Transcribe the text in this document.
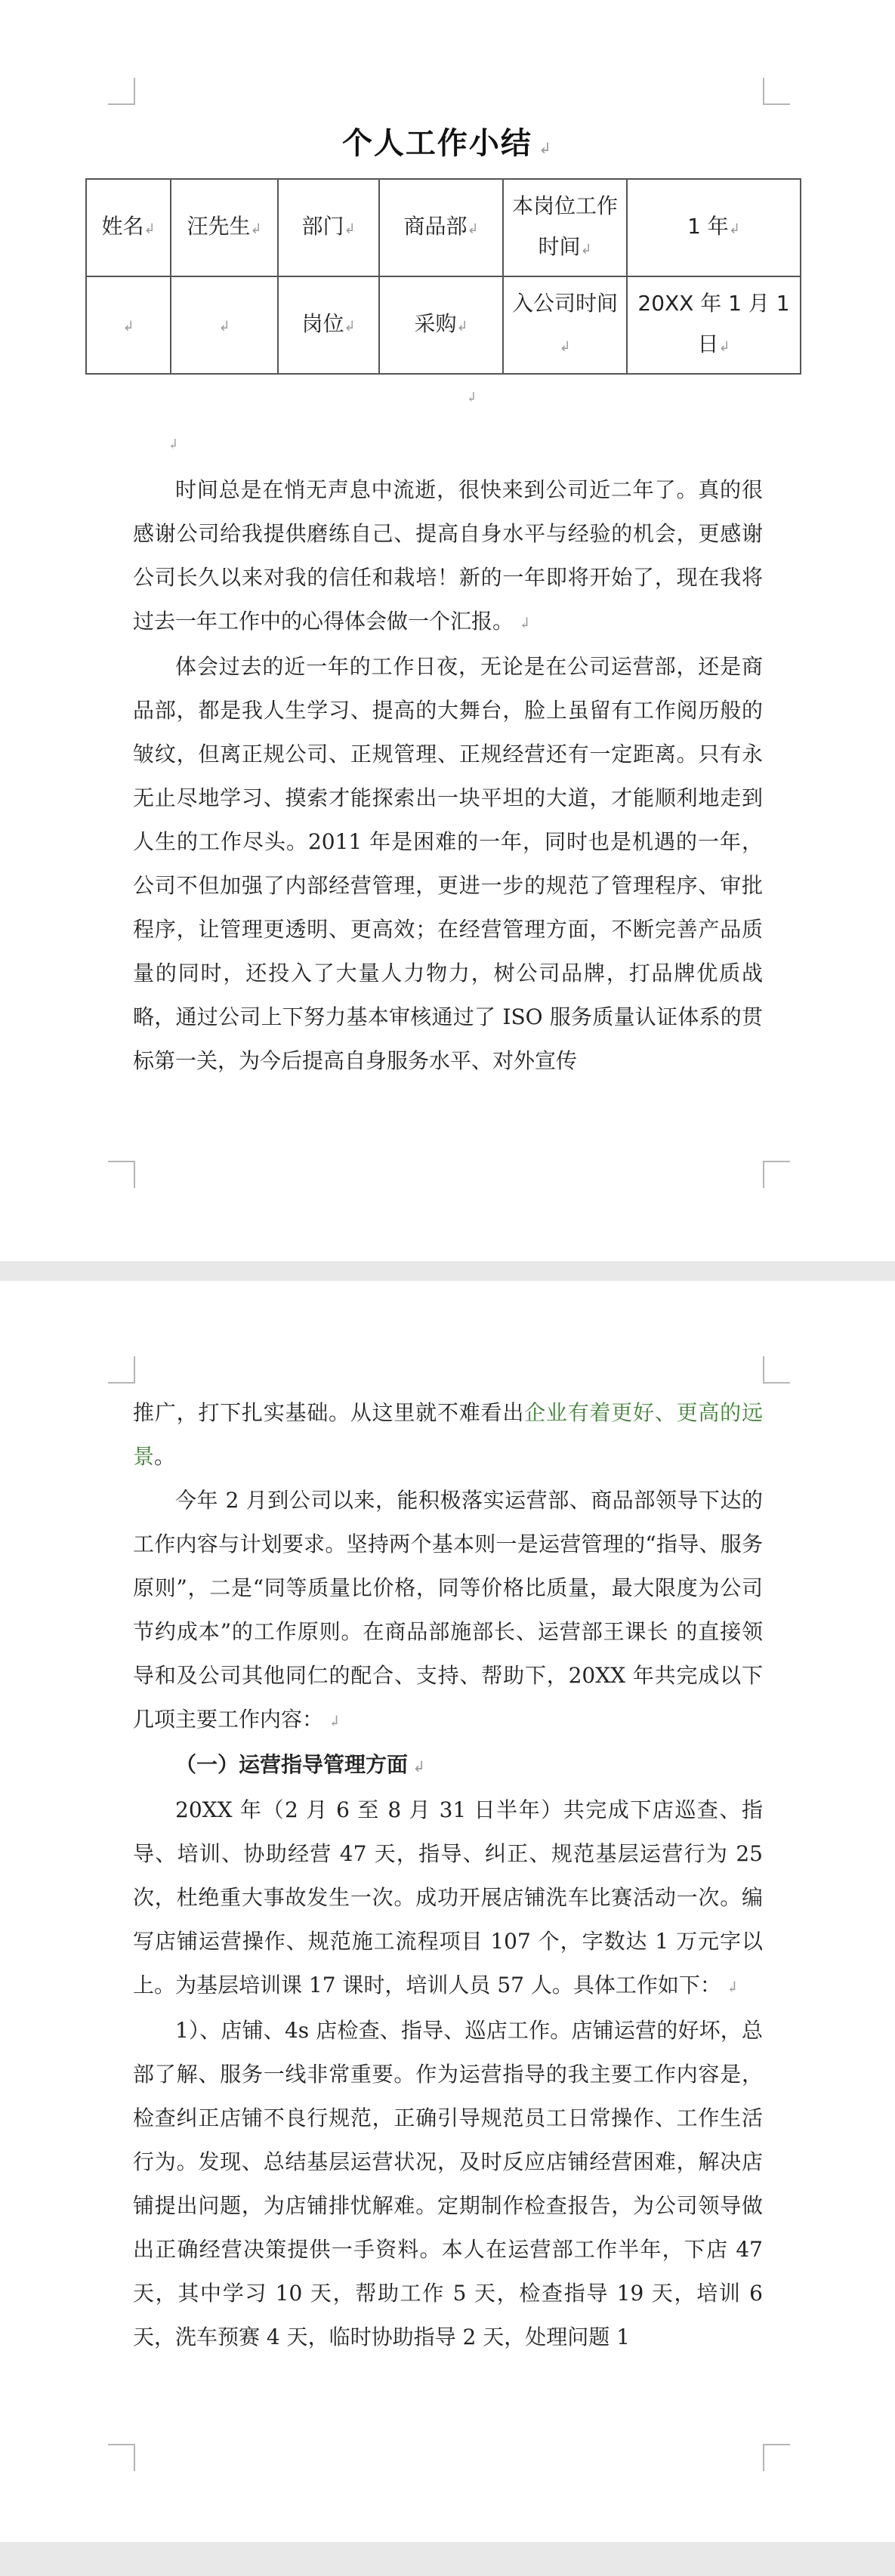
个人工作小结 ↲
姓名↲	汪先生↲	部门↲	商品部↲	本岗位工作时间↲	1 年↲
↲	↲	岗位↲	采购↲	入公司时间↲	20XX 年 1 月 1 日↲
↲
↲

时间总是在悄无声息中流逝，很快来到公司近二年了。真的很感谢公司给我提供磨练自己、提高自身水平与经验的机会，更感谢公司长久以来对我的信任和栽培！新的一年即将开始了，现在我将过去一年工作中的心得体会做一个汇报。 ↲

体会过去的近一年的工作日夜，无论是在公司运营部，还是商品部，都是我人生学习、提高的大舞台，脸上虽留有工作阅历般的皱纹，但离正规公司、正规管理、正规经营还有一定距离。只有永无止尽地学习、摸索才能探索出一块平坦的大道，才能顺利地走到人生的工作尽头。2011 年是困难的一年，同时也是机遇的一年，公司不但加强了内部经营管理，更进一步的规范了管理程序、审批程序，让管理更透明、更高效；在经营管理方面，不断完善产品质量的同时，还投入了大量人力物力，树公司品牌，打品牌优质战略，通过公司上下努力基本审核通过了 ISO 服务质量认证体系的贯标第一关，为今后提高自身服务水平、对外宣传

推广，打下扎实基础。从这里就不难看出企业有着更好、更高的远景。

今年 2 月到公司以来，能积极落实运营部、商品部领导下达的工作内容与计划要求。坚持两个基本则一是运营管理的“指导、服务原则”，二是“同等质量比价格，同等价格比质量，最大限度为公司节约成本”的工作原则。在商品部施部长、运营部王课长 的直接领导和及公司其他同仁的配合、支持、帮助下，20XX 年共完成以下几项主要工作内容： ↲

（一）运营指导管理方面 ↲

20XX 年（2 月 6 至 8 月 31 日半年）共完成下店巡查、指导、培训、协助经营 47 天，指导、纠正、规范基层运营行为 25 次，杜绝重大事故发生一次。成功开展店铺洗车比赛活动一次。编写店铺运营操作、规范施工流程项目 107 个，字数达 1 万元字以上。为基层培训课 17 课时，培训人员 57 人。具体工作如下： ↲

1）、店铺、4s 店检查、指导、巡店工作。店铺运营的好坏，总部了解、服务一线非常重要。作为运营指导的我主要工作内容是，检查纠正店铺不良行规范，正确引导规范员工日常操作、工作生活行为。发现、总结基层运营状况，及时反应店铺经营困难，解决店铺提出问题，为店铺排忧解难。定期制作检查报告，为公司领导做出正确经营决策提供一手资料。本人在运营部工作半年，下店 47 天，其中学习 10 天，帮助工作 5 天，检查指导 19 天，培训 6 天，洗车预赛 4 天，临时协助指导 2 天，处理问题 1
